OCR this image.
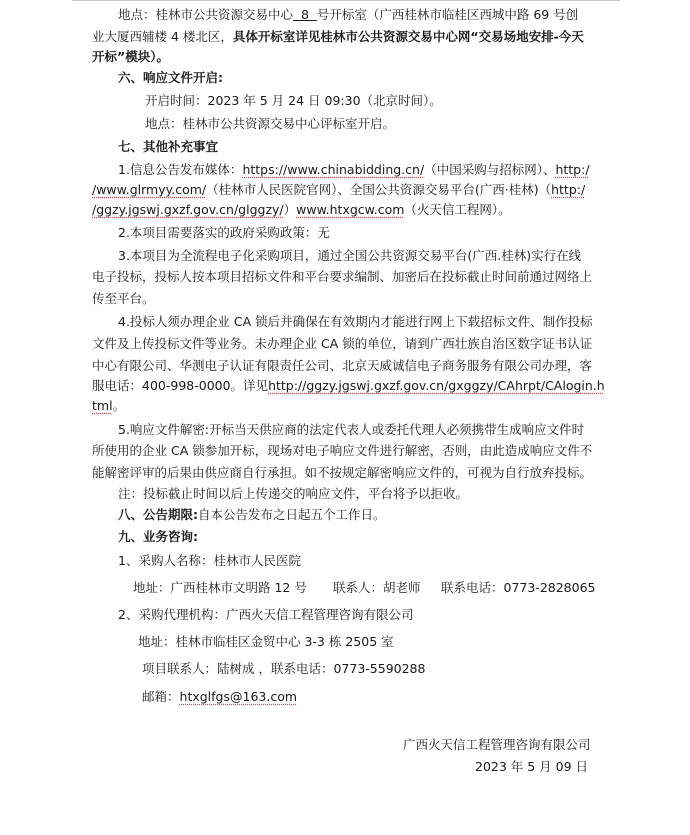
地点：桂林市公共资源交易中心  8  号开标室（广西桂林市临桂区西城中路 69 号创
业大厦西辅楼 4 楼北区，具体开标室详见桂林市公共资源交易中心网“交易场地安排-今天
开标”模块）。
六、响应文件开启:
开启时间：2023 年 5 月 24 日 09:30（北京时间）。
地点：桂林市公共资源交易中心评标室开启。
七、其他补充事宜
1.信息公告发布媒体：https://www.chinabidding.cn/（中国采购与招标网）、http:/
/www.glrmyy.com/（桂林市人民医院官网）、全国公共资源交易平台(广西·桂林)（http:/
/ggzy.jgswj.gxzf.gov.cn/glggzy/）www.htxgcw.com（火天信工程网）。
2.本项目需要落实的政府采购政策：无
3.本项目为全流程电子化采购项目，通过全国公共资源交易平台(广西.桂林)实行在线
电子投标，投标人按本项目招标文件和平台要求编制、加密后在投标截止时间前通过网络上
传至平台。
4.投标人须办理企业 CA 锁后并确保在有效期内才能进行网上下载招标文件、制作投标
文件及上传投标文件等业务。未办理企业 CA 锁的单位，请到广西壮族自治区数字证书认证
中心有限公司、华测电子认证有限责任公司、北京天威诚信电子商务服务有限公司办理，客
服电话：400-998-0000。详见http://ggzy.jgswj.gxzf.gov.cn/gxggzy/CAhrpt/CAlogin.h
tml。
5.响应文件解密:开标当天供应商的法定代表人或委托代理人必须携带生成响应文件时
所使用的企业 CA 锁参加开标，现场对电子响应文件进行解密，否则，由此造成响应文件不
能解密评审的后果由供应商自行承担。如不按规定解密响应文件的，可视为自行放弃投标。
注：投标截止时间以后上传递交的响应文件，平台将予以拒收。
八、公告期限:自本公告发布之日起五个工作日。
九、业务咨询:
1、采购人名称：桂林市人民医院
地址：广西桂林市文明路 12 号 联系人：胡老师 联系电话：0773-2828065
2、采购代理机构：广西火天信工程管理咨询有限公司
地址：桂林市临桂区金贸中心 3-3 栋 2505 室
项目联系人：陆树成 ，联系电话：0773-5590288
邮箱：htxglfgs@163.com
广西火天信工程管理咨询有限公司
2023 年 5 月 09 日
